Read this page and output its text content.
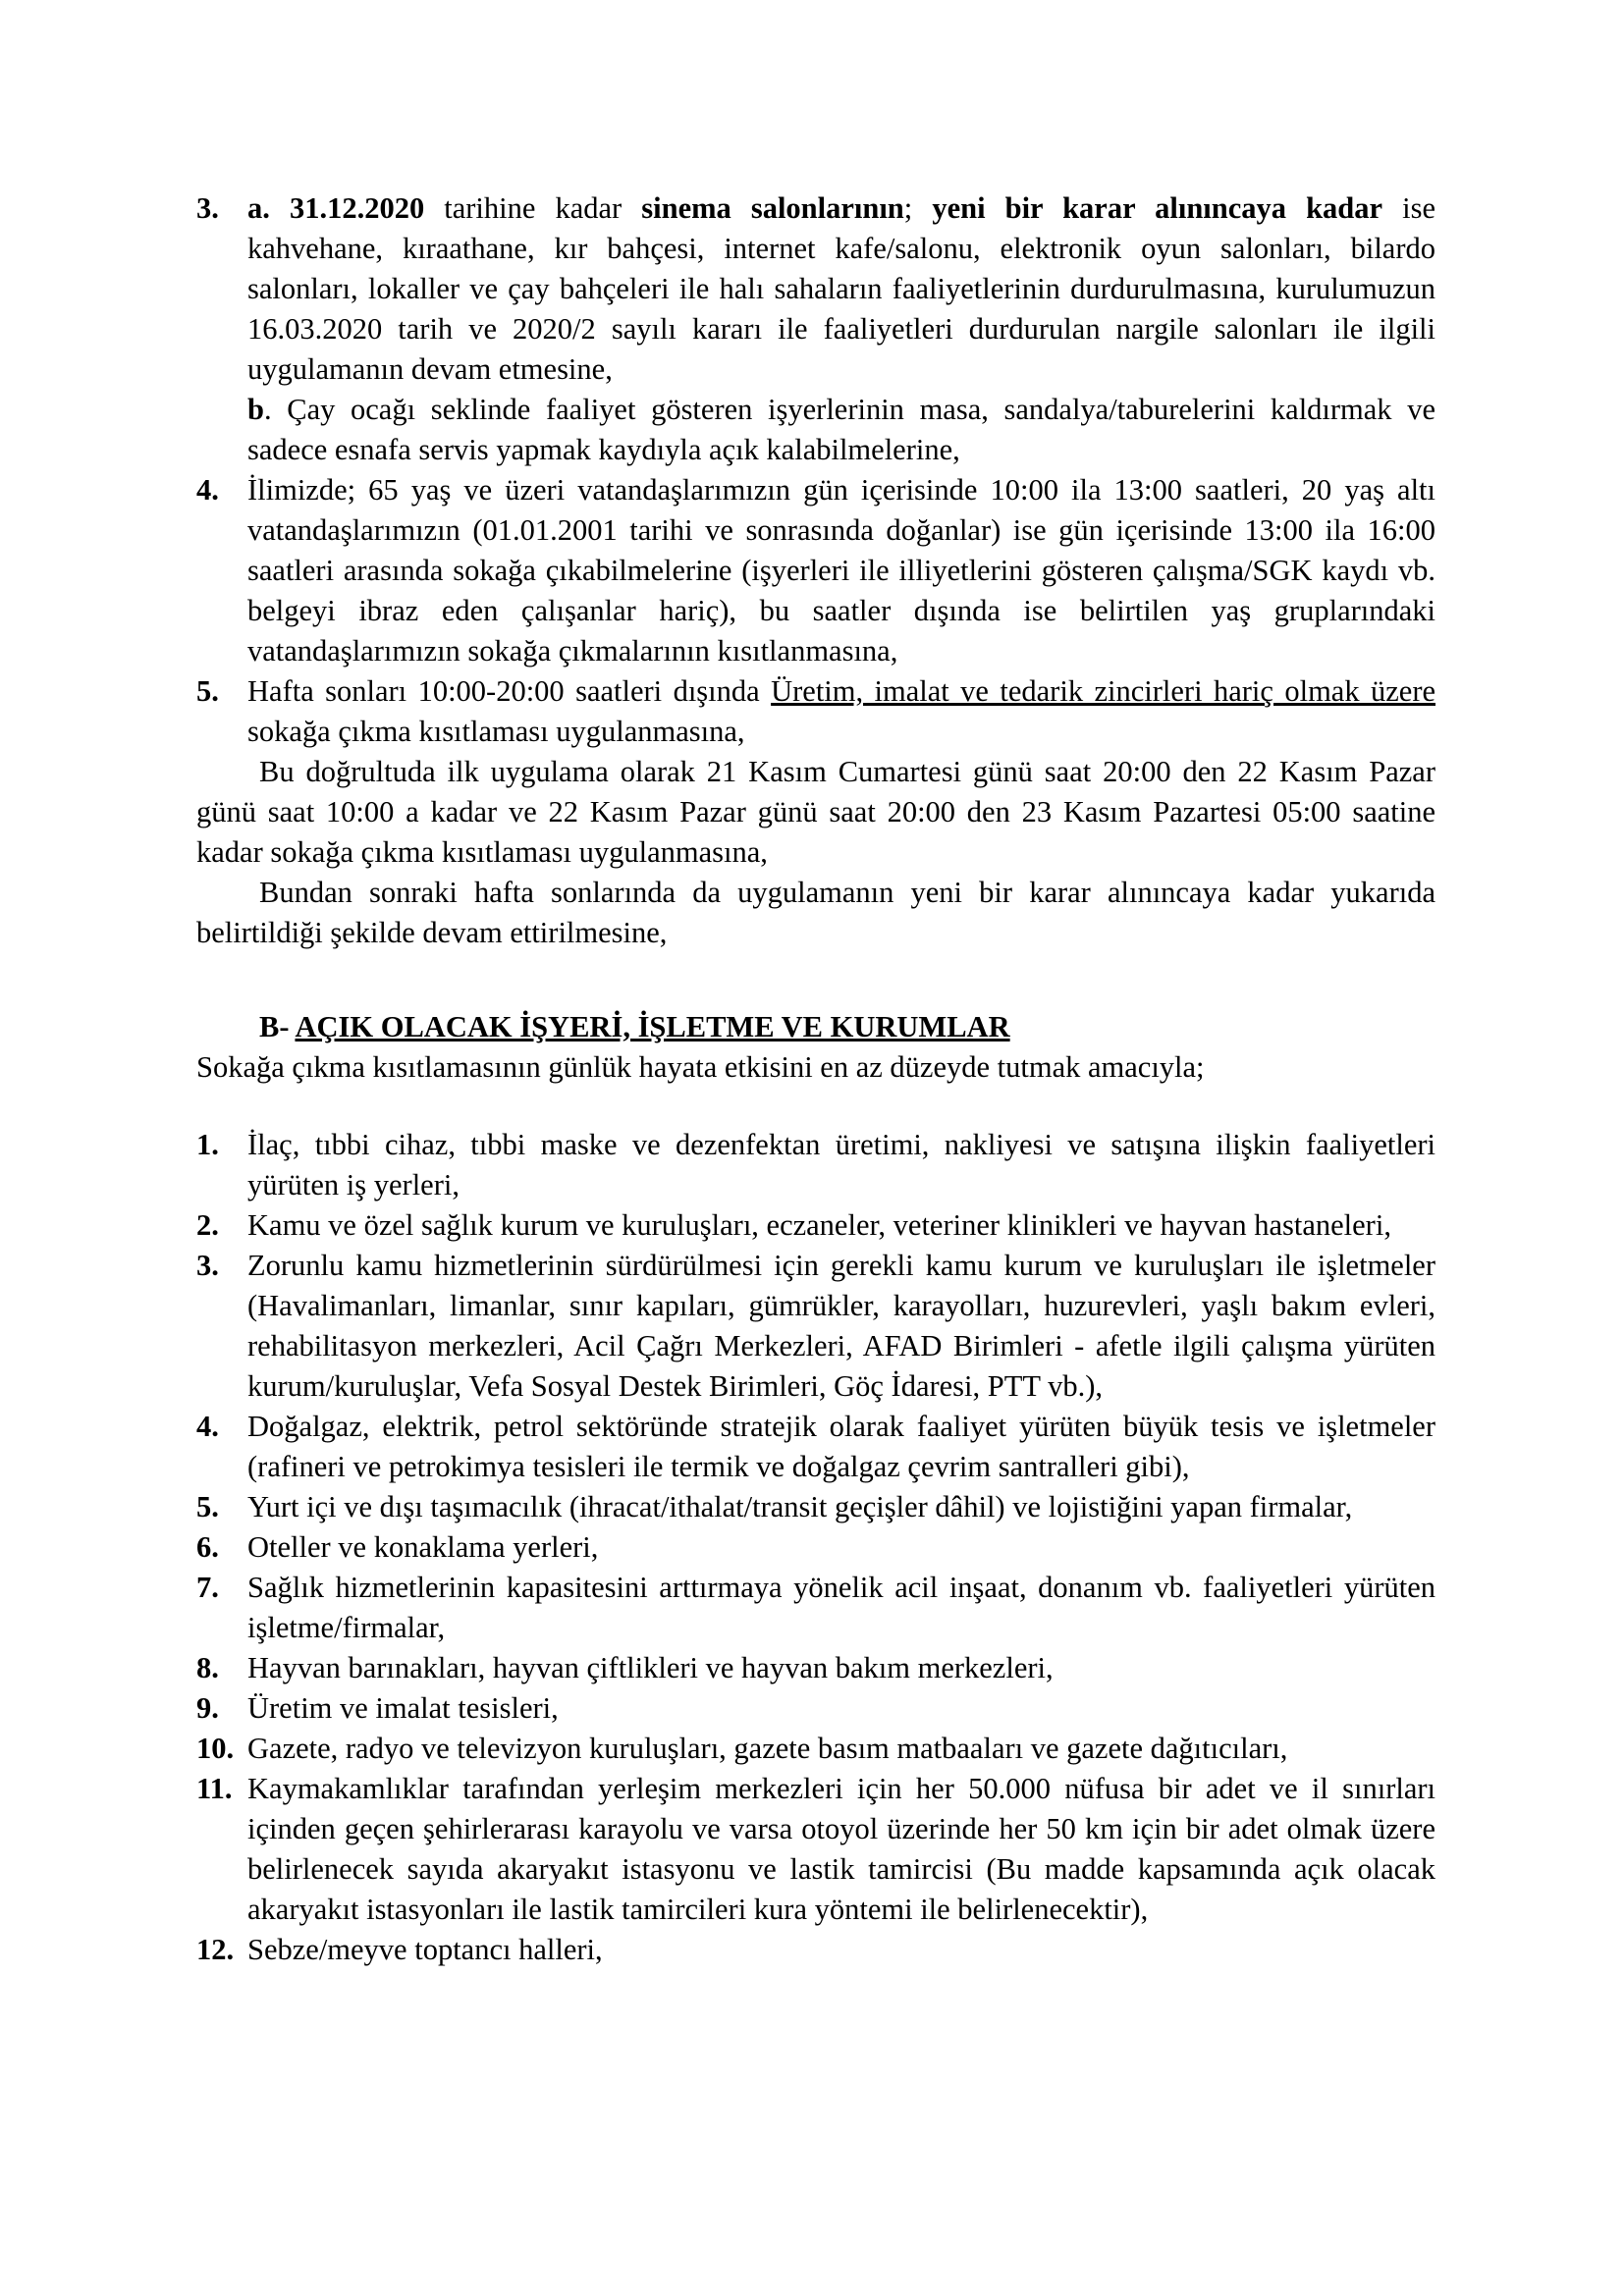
3. a. 31.12.2020 tarihine kadar sinema salonlarının; yeni bir karar alınıncaya kadar ise kahvehane, kıraathane, kır bahçesi, internet kafe/salonu, elektronik oyun salonları, bilardo salonları, lokaller ve çay bahçeleri ile halı sahaların faaliyetlerinin durdurulmasına, kurulumuzun 16.03.2020 tarih ve 2020/2 sayılı kararı ile faaliyetleri durdurulan nargile salonları ile ilgili uygulamanın devam etmesine,

b. Çay ocağı seklinde faaliyet gösteren işyerlerinin masa, sandalya/taburelerini kaldırmak ve sadece esnafa servis yapmak kaydıyla açık kalabilmelerine,

4. İlimizde; 65 yaş ve üzeri vatandaşlarımızın gün içerisinde 10:00 ila 13:00 saatleri, 20 yaş altı vatandaşlarımızın (01.01.2001 tarihi ve sonrasında doğanlar) ise gün içerisinde 13:00 ila 16:00 saatleri arasında sokağa çıkabilmelerine (işyerleri ile illiyetlerini gösteren çalışma/SGK kaydı vb. belgeyi ibraz eden çalışanlar hariç), bu saatler dışında ise belirtilen yaş gruplarındaki vatandaşlarımızın sokağa çıkmalarının kısıtlanmasına,

5. Hafta sonları 10:00-20:00 saatleri dışında Üretim, imalat ve tedarik zincirleri hariç olmak üzere sokağa çıkma kısıtlaması uygulanmasına,

Bu doğrultuda ilk uygulama olarak 21 Kasım Cumartesi günü saat 20:00 den 22 Kasım Pazar günü saat 10:00 a kadar ve 22 Kasım Pazar günü saat 20:00 den 23 Kasım Pazartesi 05:00 saatine kadar sokağa çıkma kısıtlaması uygulanmasına,

Bundan sonraki hafta sonlarında da uygulamanın yeni bir karar alınıncaya kadar yukarıda belirtildiği şekilde devam ettirilmesine,

B- AÇIK OLACAK İŞYERİ, İŞLETME VE KURUMLAR

Sokağa çıkma kısıtlamasının günlük hayata etkisini en az düzeyde tutmak amacıyla;

1. İlaç, tıbbi cihaz, tıbbi maske ve dezenfektan üretimi, nakliyesi ve satışına ilişkin faaliyetleri yürüten iş yerleri,

2. Kamu ve özel sağlık kurum ve kuruluşları, eczaneler, veteriner klinikleri ve hayvan hastaneleri,

3. Zorunlu kamu hizmetlerinin sürdürülmesi için gerekli kamu kurum ve kuruluşları ile işletmeler (Havalimanları, limanlar, sınır kapıları, gümrükler, karayolları, huzurevleri, yaşlı bakım evleri, rehabilitasyon merkezleri, Acil Çağrı Merkezleri, AFAD Birimleri - afetle ilgili çalışma yürüten kurum/kuruluşlar, Vefa Sosyal Destek Birimleri, Göç İdaresi, PTT vb.),

4. Doğalgaz, elektrik, petrol sektöründe stratejik olarak faaliyet yürüten büyük tesis ve işletmeler (rafineri ve petrokimya tesisleri ile termik ve doğalgaz çevrim santralleri gibi),

5. Yurt içi ve dışı taşımacılık (ihracat/ithalat/transit geçişler dâhil) ve lojistiğini yapan firmalar,

6. Oteller ve konaklama yerleri,

7. Sağlık hizmetlerinin kapasitesini arttırmaya yönelik acil inşaat, donanım vb. faaliyetleri yürüten işletme/firmalar,

8. Hayvan barınakları, hayvan çiftlikleri ve hayvan bakım merkezleri,

9. Üretim ve imalat tesisleri,

10. Gazete, radyo ve televizyon kuruluşları, gazete basım matbaaları ve gazete dağıtıcıları,

11. Kaymakamlıklar tarafından yerleşim merkezleri için her 50.000 nüfusa bir adet ve il sınırları içinden geçen şehirlerarası karayolu ve varsa otoyol üzerinde her 50 km için bir adet olmak üzere belirlenecek sayıda akaryakıt istasyonu ve lastik tamircisi (Bu madde kapsamında açık olacak akaryakıt istasyonları ile lastik tamircileri kura yöntemi ile belirlenecektir),

12. Sebze/meyve toptancı halleri,
